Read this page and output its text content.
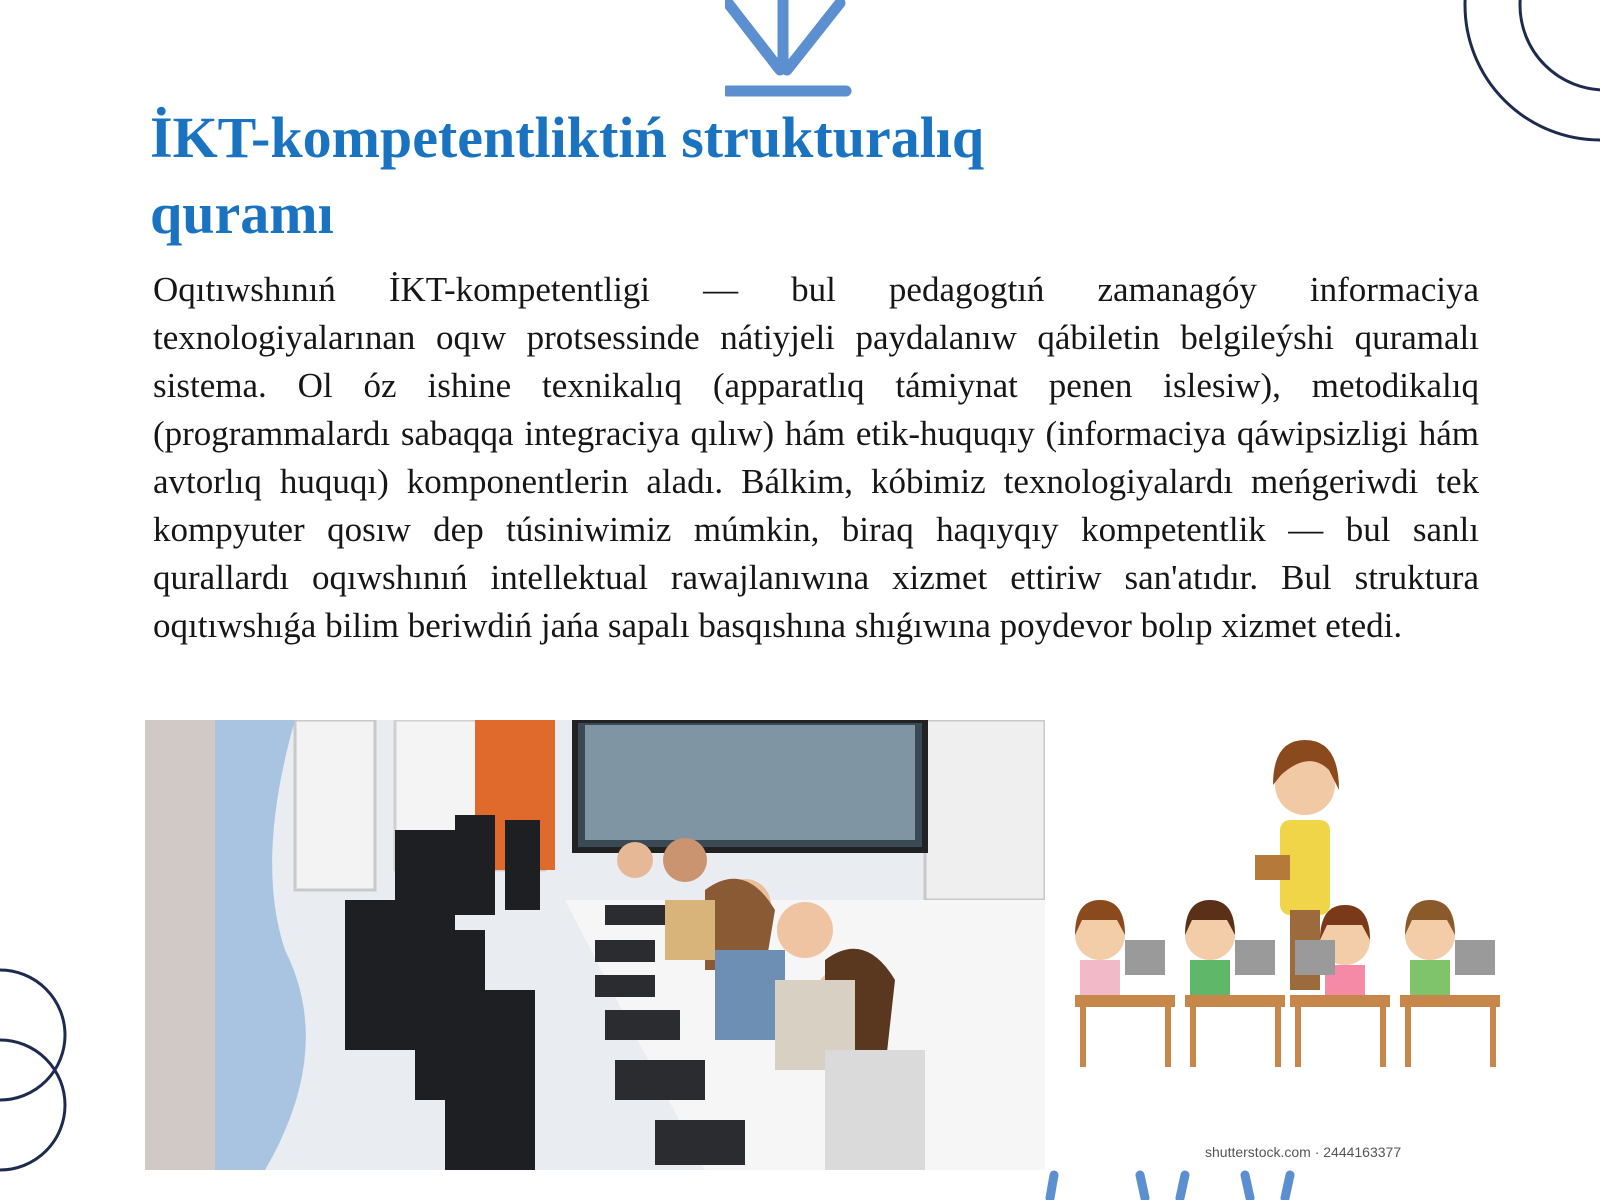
İKT-kompetentliktiń strukturalıq quramı

Oqıtıwshınıń İKT-kompetentligi — bul pedagogtıń zamanagóy informaciya texnologiyalarınan oqıw protsessinde nátiyjeli paydalanıw qábiletin belgileýshi quramalı sistema. Ol óz ishine texnikalıq (apparatlıq támiynat penen islesiw), metodikalıq (programmalardı sabaqqa integraciya qılıw) hám etik-huquqıy (informaciya qáwipsizligi hám avtorlıq huquqı) komponentlerin aladı. Bálkim, kóbimiz texnologiyalardı meńgeriwdi tek kompyuter qosıw dep túsiniwimiz múmkin, biraq haqıyqıy kompetentlik — bul sanlı qurallardı oqıwshınıń intellektual rawajlanıwına xizmet ettiriw san'atıdır. Bul struktura oqıtıwshıǵa bilim beriwdiń jańa sapalı basqıshına shıǵıwına poydevor bolıp xizmet etedi.

shutterstock.com · 2444163377
